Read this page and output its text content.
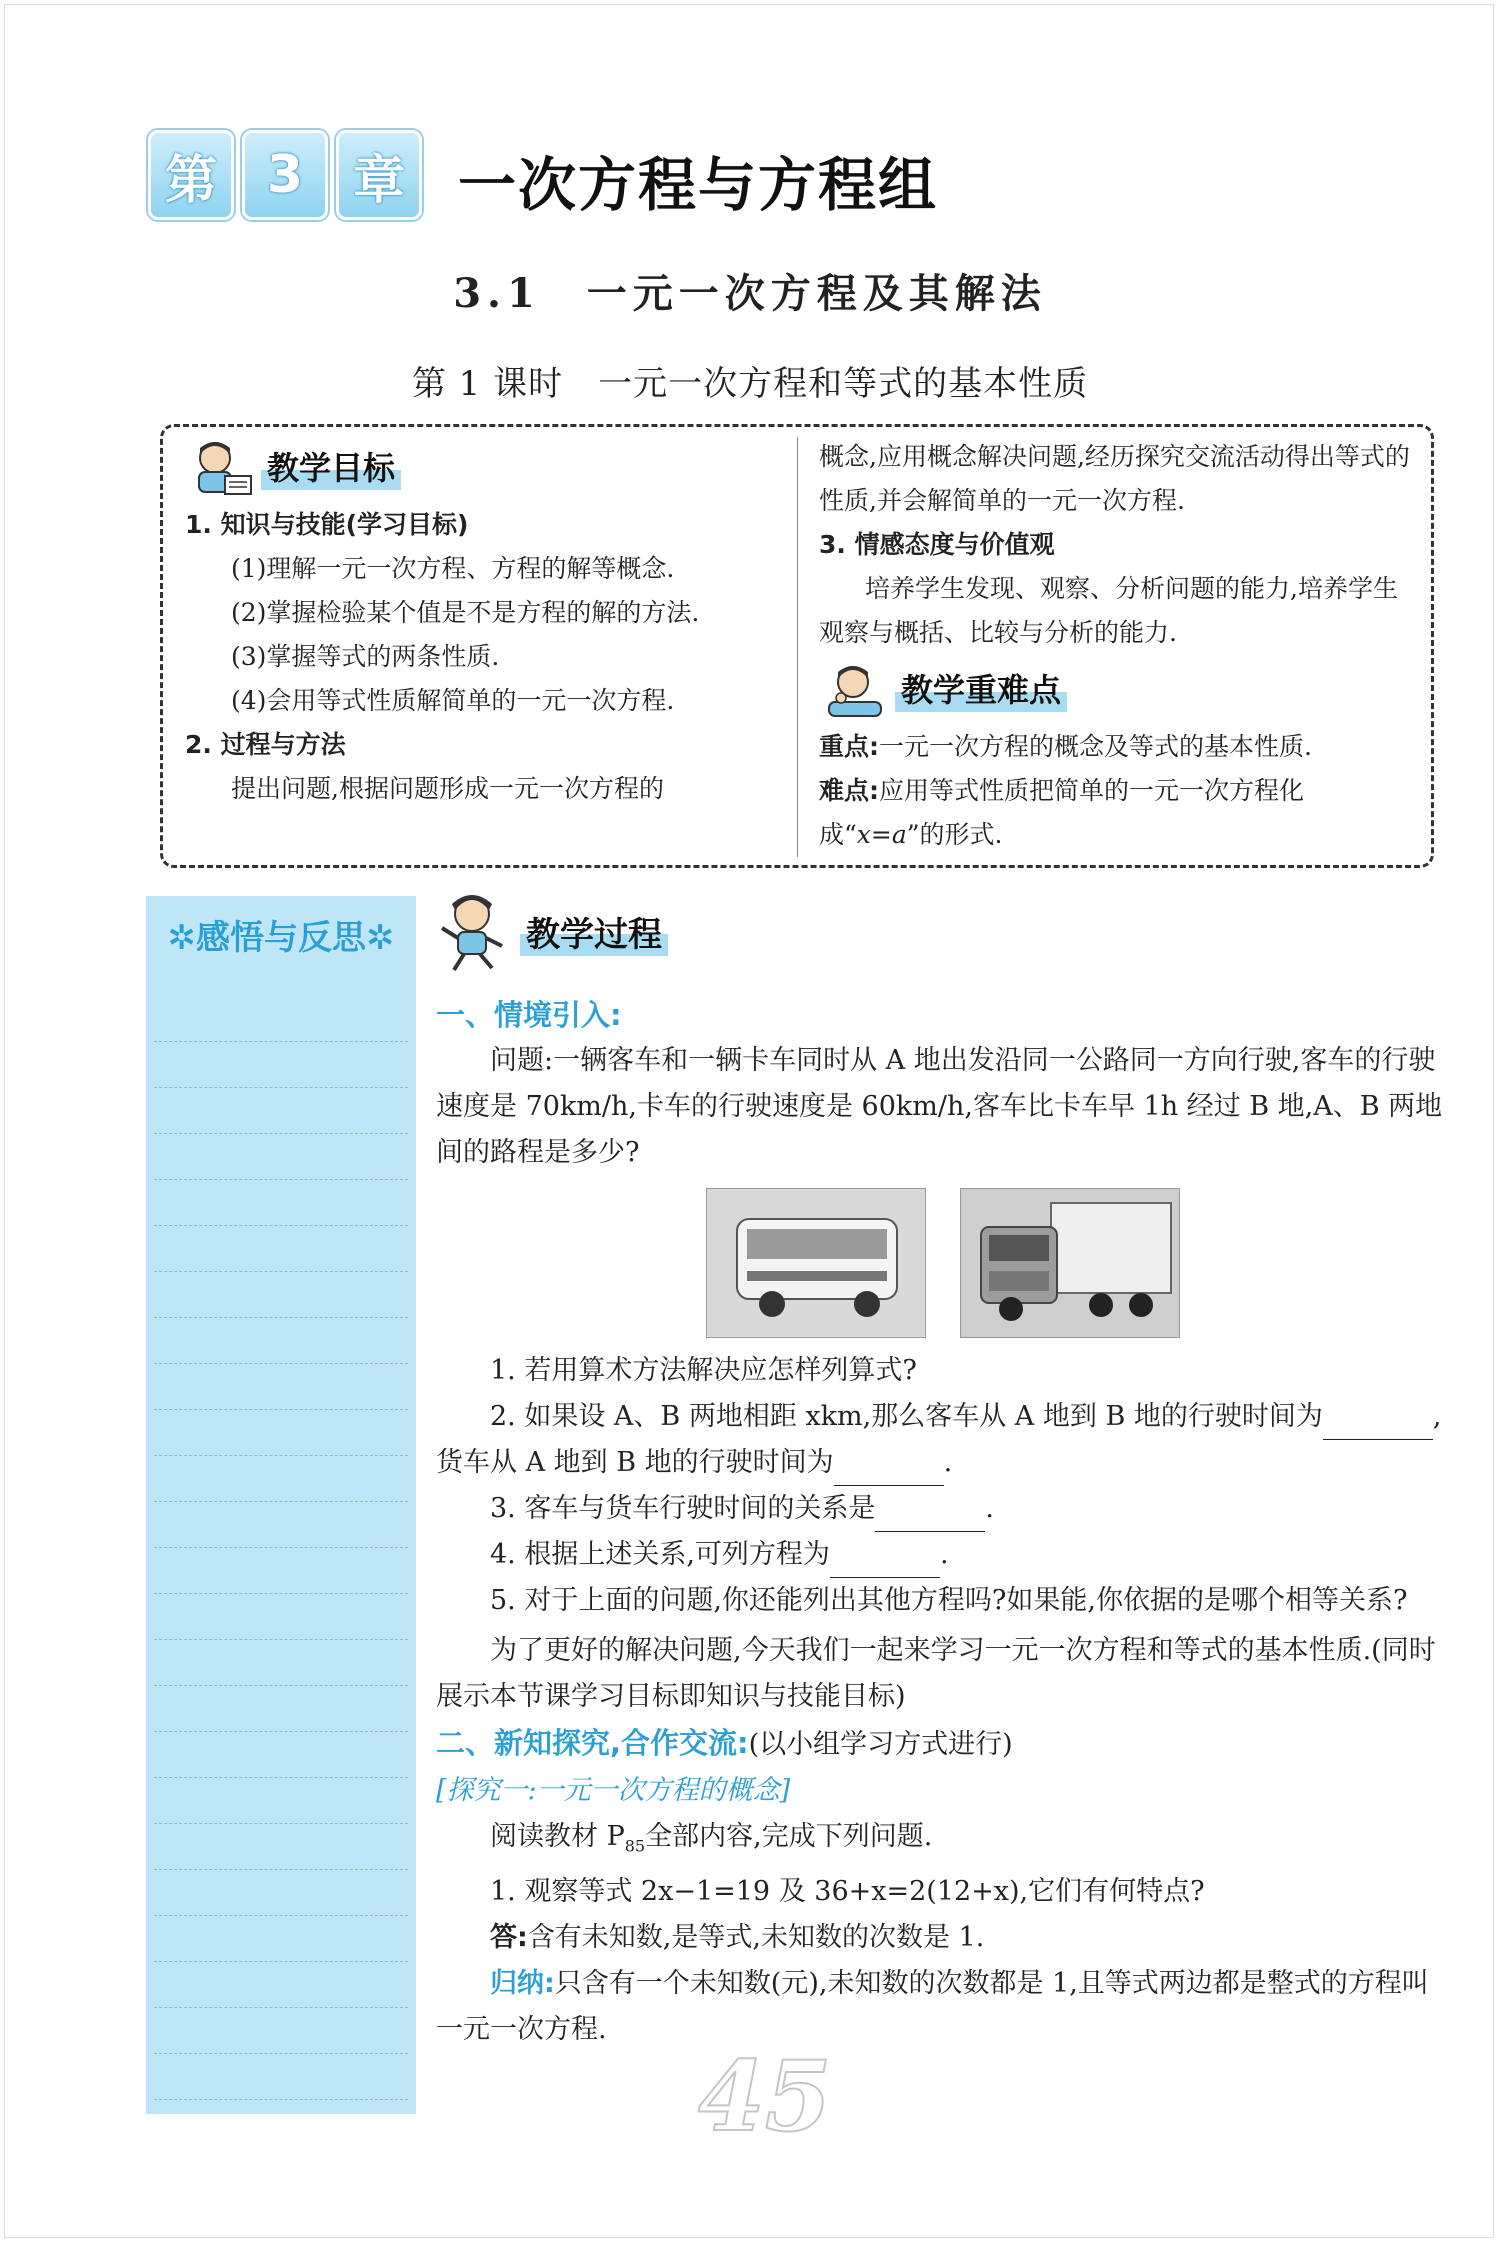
第 3 章 一次方程与方程组
3.1　一元一次方程及其解法
第 1 课时　一元一次方程和等式的基本性质
教学目标

1. 知识与技能(学习目标)

(1)理解一元一次方程、方程的解等概念.

(2)掌握检验某个值是不是方程的解的方法.

(3)掌握等式的两条性质.

(4)会用等式性质解简单的一元一次方程.

2. 过程与方法

提出问题,根据问题形成一元一次方程的

概念,应用概念解决问题,经历探究交流活动得出等式的性质,并会解简单的一元一次方程.

3. 情感态度与价值观

培养学生发现、观察、分析问题的能力,培养学生观察与概括、比较与分析的能力.

教学重难点

重点:一元一次方程的概念及等式的基本性质.

难点:应用等式性质把简单的一元一次方程化成“x=a”的形式.

✲感悟与反思✲	教学过程

一、情境引入:

问题:一辆客车和一辆卡车同时从 A 地出发沿同一公路同一方向行驶,客车的行驶速度是 70km/h,卡车的行驶速度是 60km/h,客车比卡车早 1h 经过 B 地,A、B 两地间的路程是多少?

1. 若用算术方法解决应怎样列算式?

2. 如果设 A、B 两地相距 xkm,那么客车从 A 地到 B 地的行驶时间为	,

货车从 A 地到 B 地的行驶时间为	.

3. 客车与货车行驶时间的关系是	.

4. 根据上述关系,可列方程为	.

5. 对于上面的问题,你还能列出其他方程吗?如果能,你依据的是哪个相等关系?

为了更好的解决问题,今天我们一起来学习一元一次方程和等式的基本性质.(同时展示本节课学习目标即知识与技能目标)

二、新知探究,合作交流:(以小组学习方式进行)

[探究一:一元一次方程的概念]

阅读教材 $P_{85}$全部内容,完成下列问题.

1. 观察等式 2x−1=19 及 36+x=2(12+x),它们有何特点?

答:含有未知数,是等式,未知数的次数是 1.

归纳:只含有一个未知数(元),未知数的次数都是 1,且等式两边都是整式的方程叫一元一次方程.

45
